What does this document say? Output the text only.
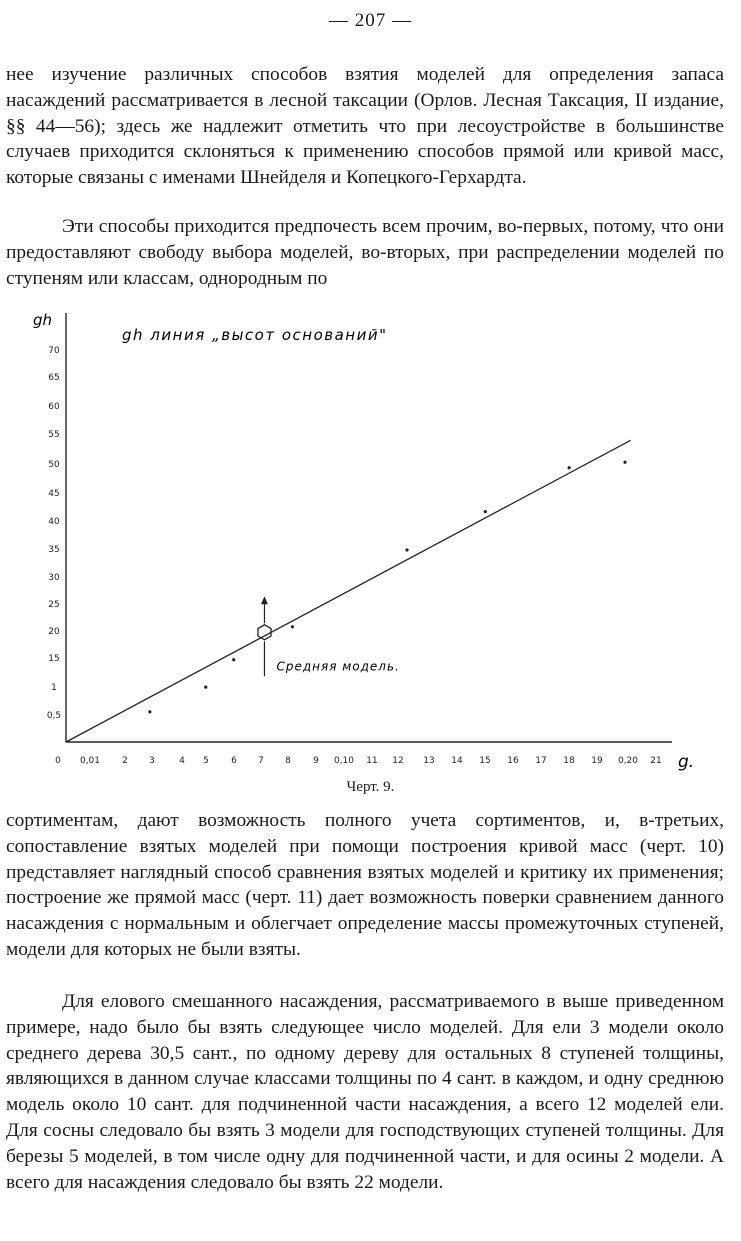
— 207 —

нее изучение различных способов взятия моделей для определения запаса насаждений рассматривается в лесной таксации (Орлов. Лесная Таксация, II издание, §§ 44—56); здесь же надлежит отметить что при лесоустройстве в большинстве случаев приходится склоняться к применению способов прямой или кривой масс, которые связаны с именами Шнейделя и Копецкого-Герхардта.

Эти способы приходится предпочесть всем прочим, во-первых, потому, что они предоставляют свободу выбора моделей, во-вторых, при распределении моделей по ступеням или классам, однородным по

0,5
1
15
20
25
30
35
40
45
50
55
60
65
70
0 0,01 2 3	4 5 6 7 8 9 0,10 11 12 13 14 15 16 17 18 19 0,20 21
Средняя модель.
gh
g.
gh линия „высот оснований"
Черт. 9.

сортиментам, дают возможность полного учета сортиментов, и, в-третьих, сопоставление взятых моделей при помощи построения кривой масс (черт. 10) представляет наглядный способ сравнения взятых моделей и критику их применения; построение же прямой масс (черт. 11) дает возможность поверки сравнением данного насаждения с нормальным и облегчает определение массы промежуточных ступеней, модели для которых не были взяты.

Для елового смешанного насаждения, рассматриваемого в выше приведенном примере, надо было бы взять следующее число моделей. Для ели 3 модели около среднего дерева 30,5 сант., по одному дереву для остальных 8 ступеней толщины, являющихся в данном случае классами толщины по 4 сант. в каждом, и одну среднюю модель около 10 сант. для подчиненной части насаждения, а всего 12 моделей ели. Для сосны следовало бы взять 3 модели для господствующих ступеней толщины. Для березы 5 моделей, в том числе одну для подчиненной части, и для осины 2 модели. А всего для насаждения следовало бы взять 22 модели.
